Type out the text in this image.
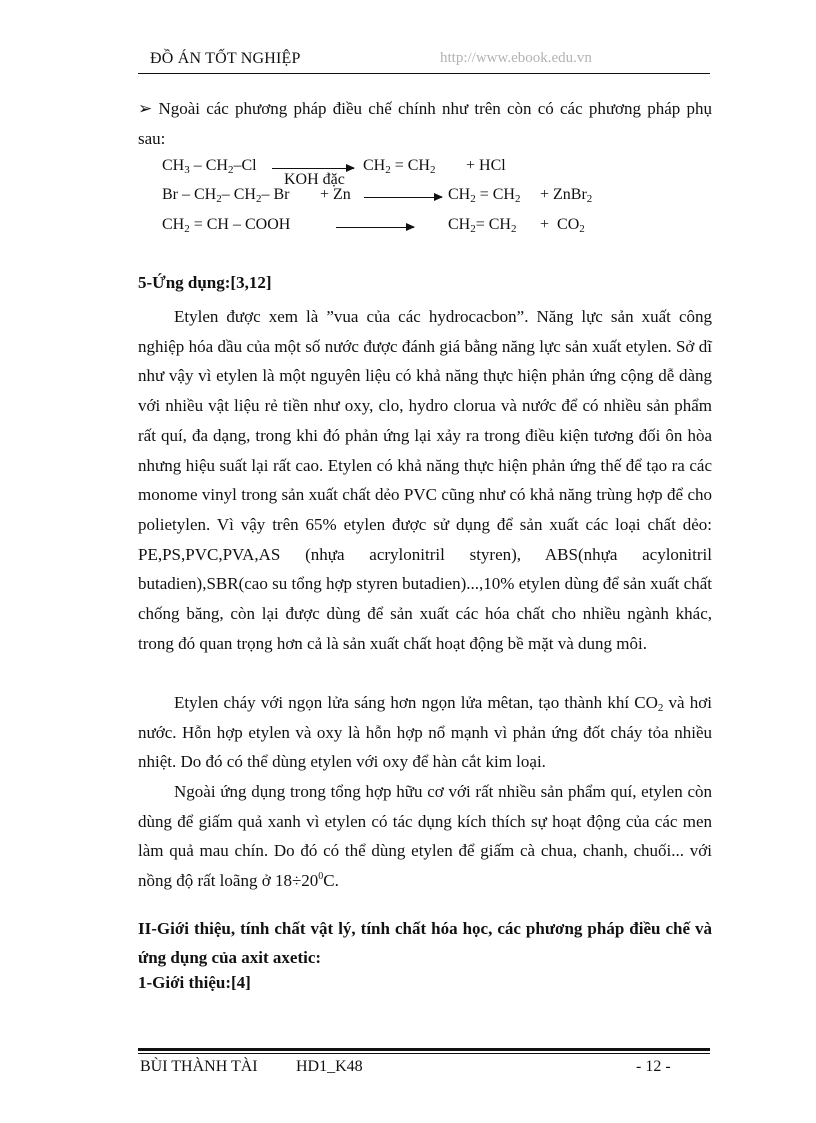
ĐỒ ÁN TỐT NGHIỆP	http://www.ebook.edu.vn
➢ Ngoài các phương pháp điều chế chính như trên còn có các phương pháp phụ sau:
$CH_3 - CH_2-Cl$
KOH đặc
$CH_2 = CH_2$ + HCl
Br – $CH_2-$ $CH_2-$ Br + Zn	$CH_2 = CH_2$ + ZnBr$_2$
$CH_2$ = CH – COOH	$CH_2= CH_2 + CO_2$
5-Ứng dụng:[3,12]
Etylen được xem là ”vua của các hydrocacbon”. Năng lực sản xuất công nghiệp hóa dầu của một số nước được đánh giá bằng năng lực sản xuất etylen. Sở dĩ như vậy vì etylen là một nguyên liệu có khả năng thực hiện phản ứng cộng dễ dàng với nhiều vật liệu rẻ tiền như oxy, clo, hydro clorua và nước để có nhiều sản phẩm rất quí, đa dạng, trong khi đó phản ứng lại xảy ra trong điều kiện tương đối ôn hòa nhưng hiệu suất lại rất cao. Etylen có khả năng thực hiện phản ứng thế để tạo ra các monome vinyl trong sản xuất chất dẻo PVC cũng như có khả năng trùng hợp để cho polietylen. Vì vậy trên 65% etylen được sử dụng để sản xuất các loại chất dẻo: PE,PS,PVC,PVA,AS (nhựa acrylonitril styren), ABS(nhựa acylonitril butadien),SBR(cao su tổng hợp styren butadien)...,10% etylen dùng để sản xuất chất chống băng, còn lại được dùng để sản xuất các hóa chất cho nhiều ngành khác, trong đó quan trọng hơn cả là sản xuất chất hoạt động bề mặt và dung môi.
Etylen cháy với ngọn lửa sáng hơn ngọn lửa mêtan, tạo thành khí $CO_2$ và hơi nước. Hỗn hợp etylen và oxy là hỗn hợp nổ mạnh vì phản ứng đốt cháy tỏa nhiều nhiệt. Do đó có thể dùng etylen với oxy để hàn cắt kim loại.
Ngoài ứng dụng trong tổng hợp hữu cơ với rất nhiều sản phẩm quí, etylen còn dùng để giấm quả xanh vì etylen có tác dụng kích thích sự hoạt động của các men làm quả mau chín. Do đó có thể dùng etylen để giấm cà chua, chanh, chuối... với nồng độ rất loãng ở $18\div 20^0C$.
II-Giới thiệu, tính chất vật lý, tính chất hóa học, các phương pháp điều chế và ứng dụng của axit axetic:
1-Giới thiệu:[4]
BÙI THÀNH TÀI HD1_K48	- 12 -
